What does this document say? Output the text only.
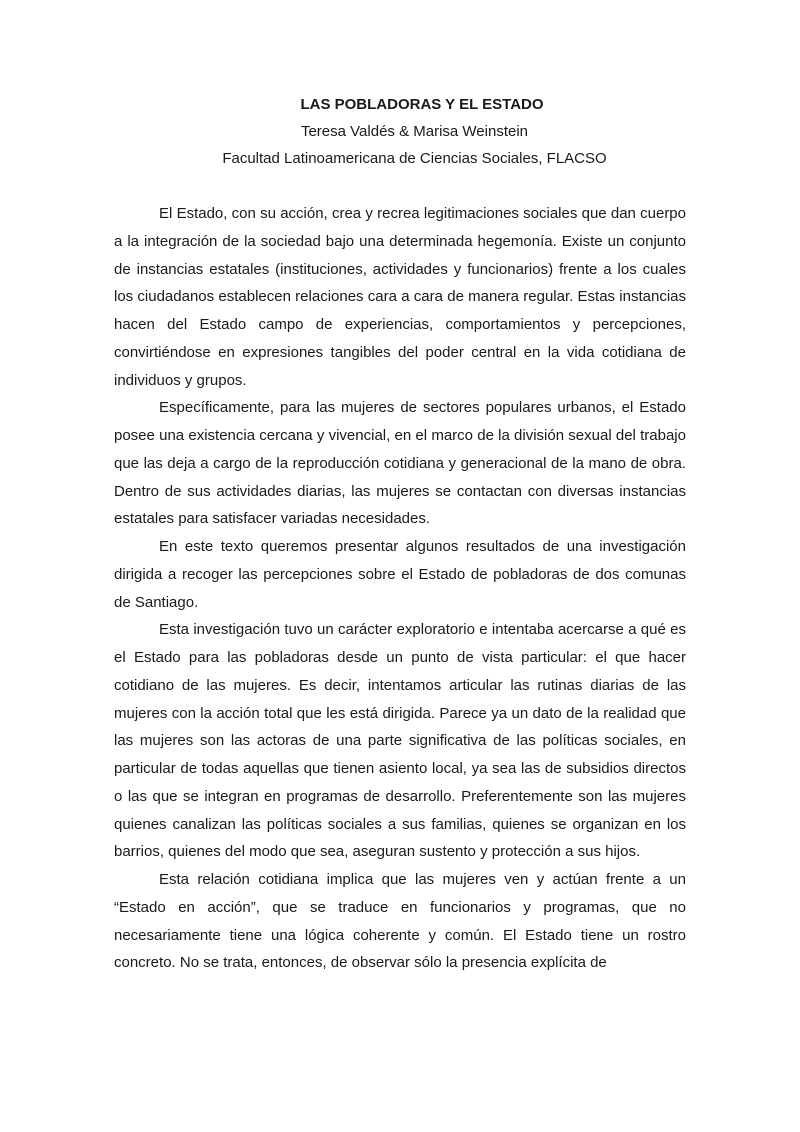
LAS POBLADORAS Y EL ESTADO

Teresa Valdés & Marisa Weinstein

Facultad Latinoamericana de Ciencias Sociales, FLACSO

El Estado, con su acción, crea y recrea legitimaciones sociales que dan cuerpo a la integración de la sociedad bajo una determinada hegemonía. Existe un conjunto de instancias estatales (instituciones, actividades y funcionarios) frente a los cuales los ciudadanos establecen relaciones cara a cara de manera regular. Estas instancias hacen del Estado campo de experiencias, comportamientos y percepciones, convirtiéndose en expresiones tangibles del poder central en la vida cotidiana de individuos y grupos.

Específicamente, para las mujeres de sectores populares urbanos, el Estado posee una existencia cercana y vivencial, en el marco de la división sexual del trabajo que las deja a cargo de la reproducción cotidiana y generacional de la mano de obra. Dentro de sus actividades diarias, las mujeres se contactan con diversas instancias estatales para satisfacer variadas necesidades.

En este texto queremos presentar algunos resultados de una investigación dirigida a recoger las percepciones sobre el Estado de pobladoras de dos comunas de Santiago.

Esta investigación tuvo un carácter exploratorio e intentaba acercarse a qué es el Estado para las pobladoras desde un punto de vista particular: el que hacer cotidiano de las mujeres. Es decir, intentamos articular las rutinas diarias de las mujeres con la acción total que les está dirigida. Parece ya un dato de la realidad que las mujeres son las actoras de una parte significativa de las políticas sociales, en particular de todas aquellas que tienen asiento local, ya sea las de subsidios directos o las que se integran en programas de desarrollo. Preferentemente son las mujeres quienes canalizan las políticas sociales a sus familias, quienes se organizan en los barrios, quienes del modo que sea, aseguran sustento y protección a sus hijos.

Esta relación cotidiana implica que las mujeres ven y actúan frente a un “Estado en acción”, que se traduce en funcionarios y programas, que no necesariamente tiene una lógica coherente y común. El Estado tiene un rostro concreto. No se trata, entonces, de observar sólo la presencia explícita de
